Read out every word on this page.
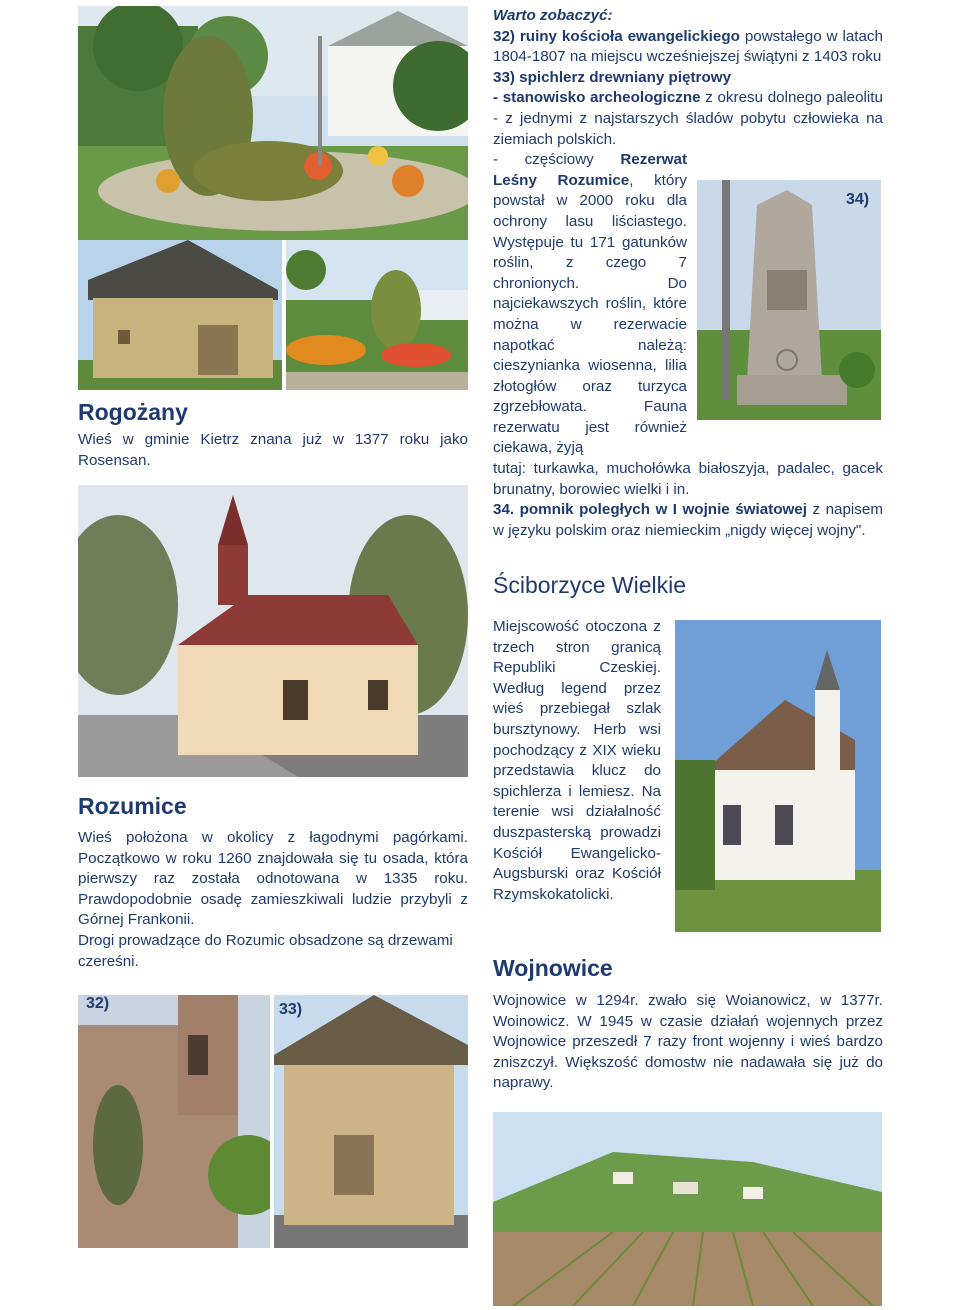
Rogożany

Wieś w gminie Kietrz znana już w 1377 roku jako Rosensan.

Warto zobaczyć:

32) ruiny kościoła ewangelickiego powstałego w latach 1804-1807 na miejscu wcześniejszej świątyni z 1403 roku

33) spichlerz drewniany piętrowy

- stanowisko archeologiczne z okresu dolnego paleolitu - z jednymi z najstarszych śladów pobytu człowieka na ziemiach polskich.

- częściowy Rezerwat Leśny Rozumice, który powstał w 2000 roku dla ochrony lasu liściastego. Występuje tu 171 gatunków roślin, z czego 7 chronionych. Do najciekawszych roślin, które można w rezerwacie napotkać należą: cieszynianka wiosenna, lilia złotogłów oraz turzyca zgrzebłowata. Fauna rezerwatu jest również ciekawa, żyją

tutaj: turkawka, muchołówka białoszyja, padalec, gacek brunatny, borowiec wielki i in.

34. pomnik poległych w I wojnie światowej z napisem w języku polskim oraz niemieckim „nigdy więcej wojny".

34)
32)	33)
Ściborzyce Wielkie

Miejscowość otoczona z trzech stron granicą Republiki Czeskiej. Według legend przez wieś przebiegał szlak bursztynowy. Herb wsi pochodzący z XIX wieku przedstawia klucz do spichlerza i lemiesz. Na terenie wsi działalność duszpasterską prowadzi Kościół Ewangelicko-Augsburski oraz Kościół Rzymskokatolicki.

Rozumice

Wieś położona w okolicy z łagodnymi pagórkami. Początkowo w roku 1260 znajdowała się tu osada, która pierwszy raz została odnotowana w 1335 roku. Prawdopodobnie osadę zamieszkiwali ludzie przybyli z Górnej Frankonii.

Drogi prowadzące do Rozumic obsadzone są drzewami czereśni.	Wojnowice

Wojnowice w 1294r. zwało się Woianowicz, w 1377r. Woinowicz. W 1945 w czasie działań wojennych przez Wojnowice przeszedł 7 razy front wojenny i wieś bardzo zniszczył. Większość domostw nie nadawała się już do naprawy.
